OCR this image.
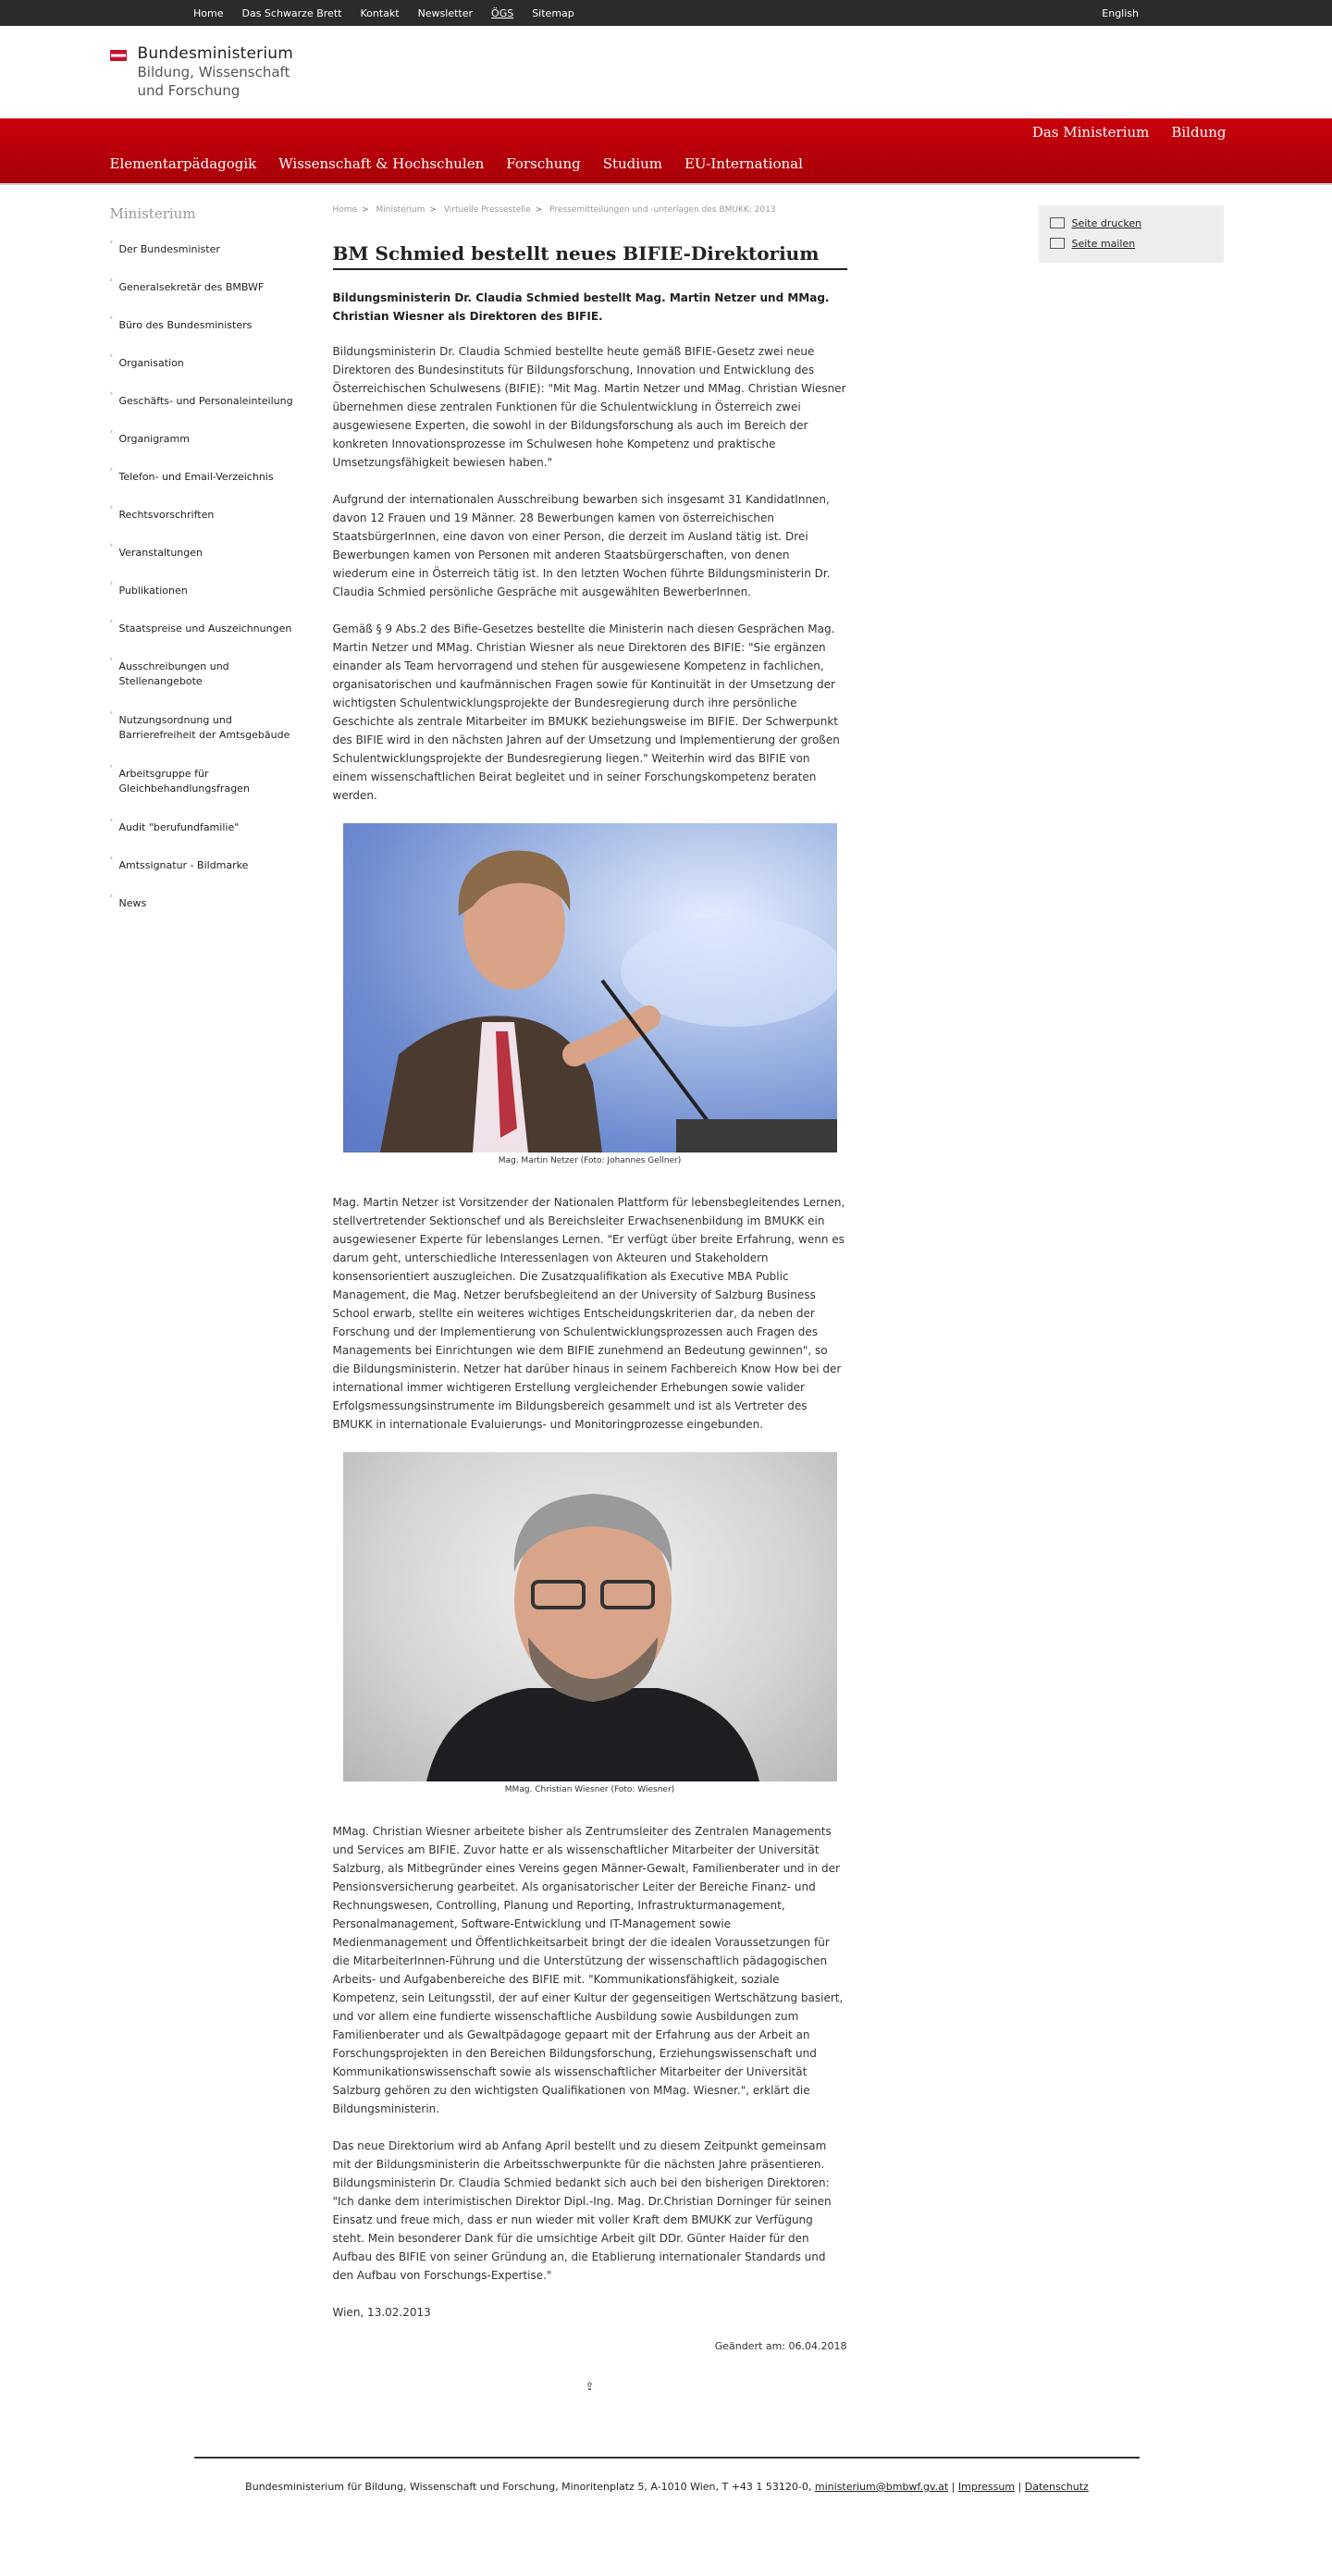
Home Das Schwarze Brett Kontakt Newsletter ÖGS Sitemap	English
Bundesministerium
Bildung, Wissenschaft
und Forschung
Das Ministerium Bildung
Elementarpädagogik Wissenschaft & Hochschulen Forschung Studium EU-International
Ministerium
›
Der Bundesminister
›
Generalsekretär des BMBWF
›
Büro des Bundesministers
›
Organisation
›
Geschäfts- und Personaleinteilung
›
Organigramm
›
Telefon- und Email-Verzeichnis
›
Rechtsvorschriften
›
Veranstaltungen
›
Publikationen
›
Staatspreise und Auszeichnungen
›
Ausschreibungen und Stellenangebote
›
Nutzungsordnung und Barrierefreiheit der Amtsgebäude
›
Arbeitsgruppe für Gleichbehandlungsfragen
›
Audit "berufundfamilie"
›
Amtssignatur - Bildmarke
›
News
Home > Ministerium > Virtuelle Pressestelle > Pressemitteilungen und -unterlagen des BMUKK: 2013
BM Schmied bestellt neues BIFIE-Direktorium

Bildungsministerin Dr. Claudia Schmied bestellt Mag. Martin Netzer und MMag. Christian Wiesner als Direktoren des BIFIE.

Bildungsministerin Dr. Claudia Schmied bestellte heute gemäß BIFIE-Gesetz zwei neue Direktoren des Bundesinstituts für Bildungsforschung, Innovation und Entwicklung des Österreichischen Schulwesens (BIFIE): "Mit Mag. Martin Netzer und MMag. Christian Wiesner übernehmen diese zentralen Funktionen für die Schulentwicklung in Österreich zwei ausgewiesene Experten, die sowohl in der Bildungsforschung als auch im Bereich der konkreten Innovationsprozesse im Schulwesen hohe Kompetenz und praktische Umsetzungsfähigkeit bewiesen haben."

Aufgrund der internationalen Ausschreibung bewarben sich insgesamt 31 KandidatInnen, davon 12 Frauen und 19 Männer. 28 Bewerbungen kamen von österreichischen StaatsbürgerInnen, eine davon von einer Person, die derzeit im Ausland tätig ist. Drei Bewerbungen kamen von Personen mit anderen Staatsbürgerschaften, von denen wiederum eine in Österreich tätig ist. In den letzten Wochen führte Bildungsministerin Dr. Claudia Schmied persönliche Gespräche mit ausgewählten BewerberInnen.

Gemäß § 9 Abs.2 des Bifie-Gesetzes bestellte die Ministerin nach diesen Gesprächen Mag. Martin Netzer und MMag. Christian Wiesner als neue Direktoren des BIFIE: "Sie ergänzen einander als Team hervorragend und stehen für ausgewiesene Kompetenz in fachlichen, organisatorischen und kaufmännischen Fragen sowie für Kontinuität in der Umsetzung der wichtigsten Schulentwicklungsprojekte der Bundesregierung durch ihre persönliche Geschichte als zentrale Mitarbeiter im BMUKK beziehungsweise im BIFIE. Der Schwerpunkt des BIFIE wird in den nächsten Jahren auf der Umsetzung und Implementierung der großen Schulentwicklungsprojekte der Bundesregierung liegen." Weiterhin wird das BIFIE von einem wissenschaftlichen Beirat begleitet und in seiner Forschungskompetenz beraten werden.

Mag. Martin Netzer (Foto: Johannes Gellner)

Mag. Martin Netzer ist Vorsitzender der Nationalen Plattform für lebensbegleitendes Lernen, stellvertretender Sektionschef und als Bereichsleiter Erwachsenenbildung im BMUKK ein ausgewiesener Experte für lebenslanges Lernen. "Er verfügt über breite Erfahrung, wenn es darum geht, unterschiedliche Interessenlagen von Akteuren und Stakeholdern konsensorientiert auszugleichen. Die Zusatzqualifikation als Executive MBA Public Management, die Mag. Netzer berufsbegleitend an der University of Salzburg Business School erwarb, stellte ein weiteres wichtiges Entscheidungskriterien dar, da neben der Forschung und der Implementierung von Schulentwicklungsprozessen auch Fragen des Managements bei Einrichtungen wie dem BIFIE zunehmend an Bedeutung gewinnen", so die Bildungsministerin. Netzer hat darüber hinaus in seinem Fachbereich Know How bei der international immer wichtigeren Erstellung vergleichender Erhebungen sowie valider Erfolgsmessungsinstrumente im Bildungsbereich gesammelt und ist als Vertreter des BMUKK in internationale Evaluierungs- und Monitoringprozesse eingebunden.

MMag. Christian Wiesner (Foto: Wiesner)

MMag. Christian Wiesner arbeitete bisher als Zentrumsleiter des Zentralen Managements und Services am BIFIE. Zuvor hatte er als wissenschaftlicher Mitarbeiter der Universität Salzburg, als Mitbegründer eines Vereins gegen Männer-Gewalt, Familienberater und in der Pensionsversicherung gearbeitet. Als organisatorischer Leiter der Bereiche Finanz- und Rechnungswesen, Controlling, Planung und Reporting, Infrastrukturmanagement, Personalmanagement, Software-Entwicklung und IT-Management sowie Medienmanagement und Öffentlichkeitsarbeit bringt der die idealen Voraussetzungen für die MitarbeiterInnen-Führung und die Unterstützung der wissenschaftlich pädagogischen Arbeits- und Aufgabenbereiche des BIFIE mit. "Kommunikationsfähigkeit, soziale Kompetenz, sein Leitungsstil, der auf einer Kultur der gegenseitigen Wertschätzung basiert, und vor allem eine fundierte wissenschaftliche Ausbildung sowie Ausbildungen zum Familienberater und als Gewaltpädagoge gepaart mit der Erfahrung aus der Arbeit an Forschungsprojekten in den Bereichen Bildungsforschung, Erziehungswissenschaft und Kommunikationswissenschaft sowie als wissenschaftlicher Mitarbeiter der Universität Salzburg gehören zu den wichtigsten Qualifikationen von MMag. Wiesner.", erklärt die Bildungsministerin.

Das neue Direktorium wird ab Anfang April bestellt und zu diesem Zeitpunkt gemeinsam mit der Bildungsministerin die Arbeitsschwerpunkte für die nächsten Jahre präsentieren. Bildungsministerin Dr. Claudia Schmied bedankt sich auch bei den bisherigen Direktoren: "Ich danke dem interimistischen Direktor Dipl.-Ing. Mag. Dr.Christian Dorninger für seinen Einsatz und freue mich, dass er nun wieder mit voller Kraft dem BMUKK zur Verfügung steht. Mein besonderer Dank für die umsichtige Arbeit gilt DDr. Günter Haider für den Aufbau des BIFIE von seiner Gründung an, die Etablierung internationaler Standards und den Aufbau von Forschungs-Expertise."

Wien, 13.02.2013

Geändert am: 06.04.2018
⇪
Seite drucken
Seite mailen
Bundesministerium für Bildung, Wissenschaft und Forschung, Minoritenplatz 5, A-1010 Wien, T +43 1 53120-0, ministerium@bmbwf.gv.at | Impressum | Datenschutz
